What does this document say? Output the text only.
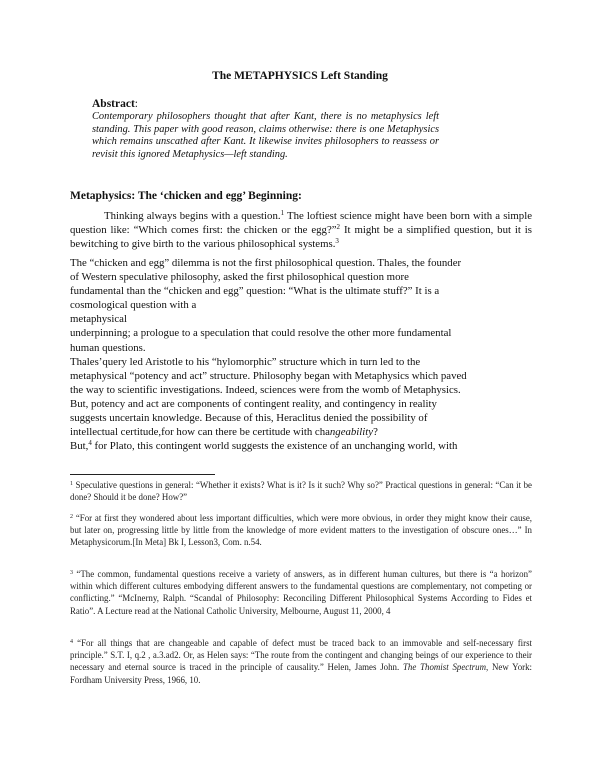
The METAPHYSICS Left Standing
Abstract:
Contemporary philosophers thought that after Kant, there is no metaphysics left standing. This paper with good reason, claims otherwise: there is one Metaphysics which remains unscathed after Kant. It likewise invites philosophers to reassess or revisit this ignored Metaphysics—left standing.
Metaphysics: The ‘chicken and egg’ Beginning:
Thinking always begins with a question.$^1$ The loftiest science might have been born with a simple question like: “Which comes first: the chicken or the egg?”$^2$ It might be a simplified question, but it is bewitching to give birth to the various philosophical systems.$^3$
The “chicken and egg” dilemma is not the first philosophical question. Thales, the founder
of Western speculative philosophy, asked the first philosophical question more
fundamental than the “chicken and egg” question: “What is the ultimate stuff?” It is a
cosmological question with a
metaphysical
underpinning; a prologue to a speculation that could resolve the other more fundamental
human questions.
Thales’query led Aristotle to his “hylomorphic” structure which in turn led to the
metaphysical “potency and act” structure. Philosophy began with Metaphysics which paved
the way to scientific investigations. Indeed, sciences were from the womb of Metaphysics.
But, potency and act are components of contingent reality, and contingency in reality
suggests uncertain knowledge. Because of this, Heraclitus denied the possibility of
intellectual certitude,for how can there be certitude with changeability?
But,$^4$ for Plato, this contingent world suggests the existence of an unchanging world, with
$^1$ Speculative questions in general: “Whether it exists? What is it? Is it such? Why so?” Practical questions in general: “Can it be done? Should it be done? How?”
$^2$ “For at first they wondered about less important difficulties, which were more obvious, in order they might know their cause, but later on, progressing little by little from the knowledge of more evident matters to the investigation of obscure ones…” In Metaphysicorum.[In Meta] Bk I, Lesson3, Com. n.54.
$^3$ “The common, fundamental questions receive a variety of answers, as in different human cultures, but there is “a horizon” within which different cultures embodying different answers to the fundamental questions are complementary, not competing or conflicting.” “McInerny, Ralph. “Scandal of Philosophy: Reconciling Different Philosophical Systems According to Fides et Ratio”. A Lecture read at the National Catholic University, Melbourne, August 11, 2000, 4
$^4$ “For all things that are changeable and capable of defect must be traced back to an immovable and self-necessary first principle.” S.T. I, q.2 , a.3.ad2. Or, as Helen says: “The route from the contingent and changing beings of our experience to their necessary and eternal source is traced in the principle of causality.” Helen, James John. The Thomist Spectrum, New York: Fordham University Press, 1966, 10.
